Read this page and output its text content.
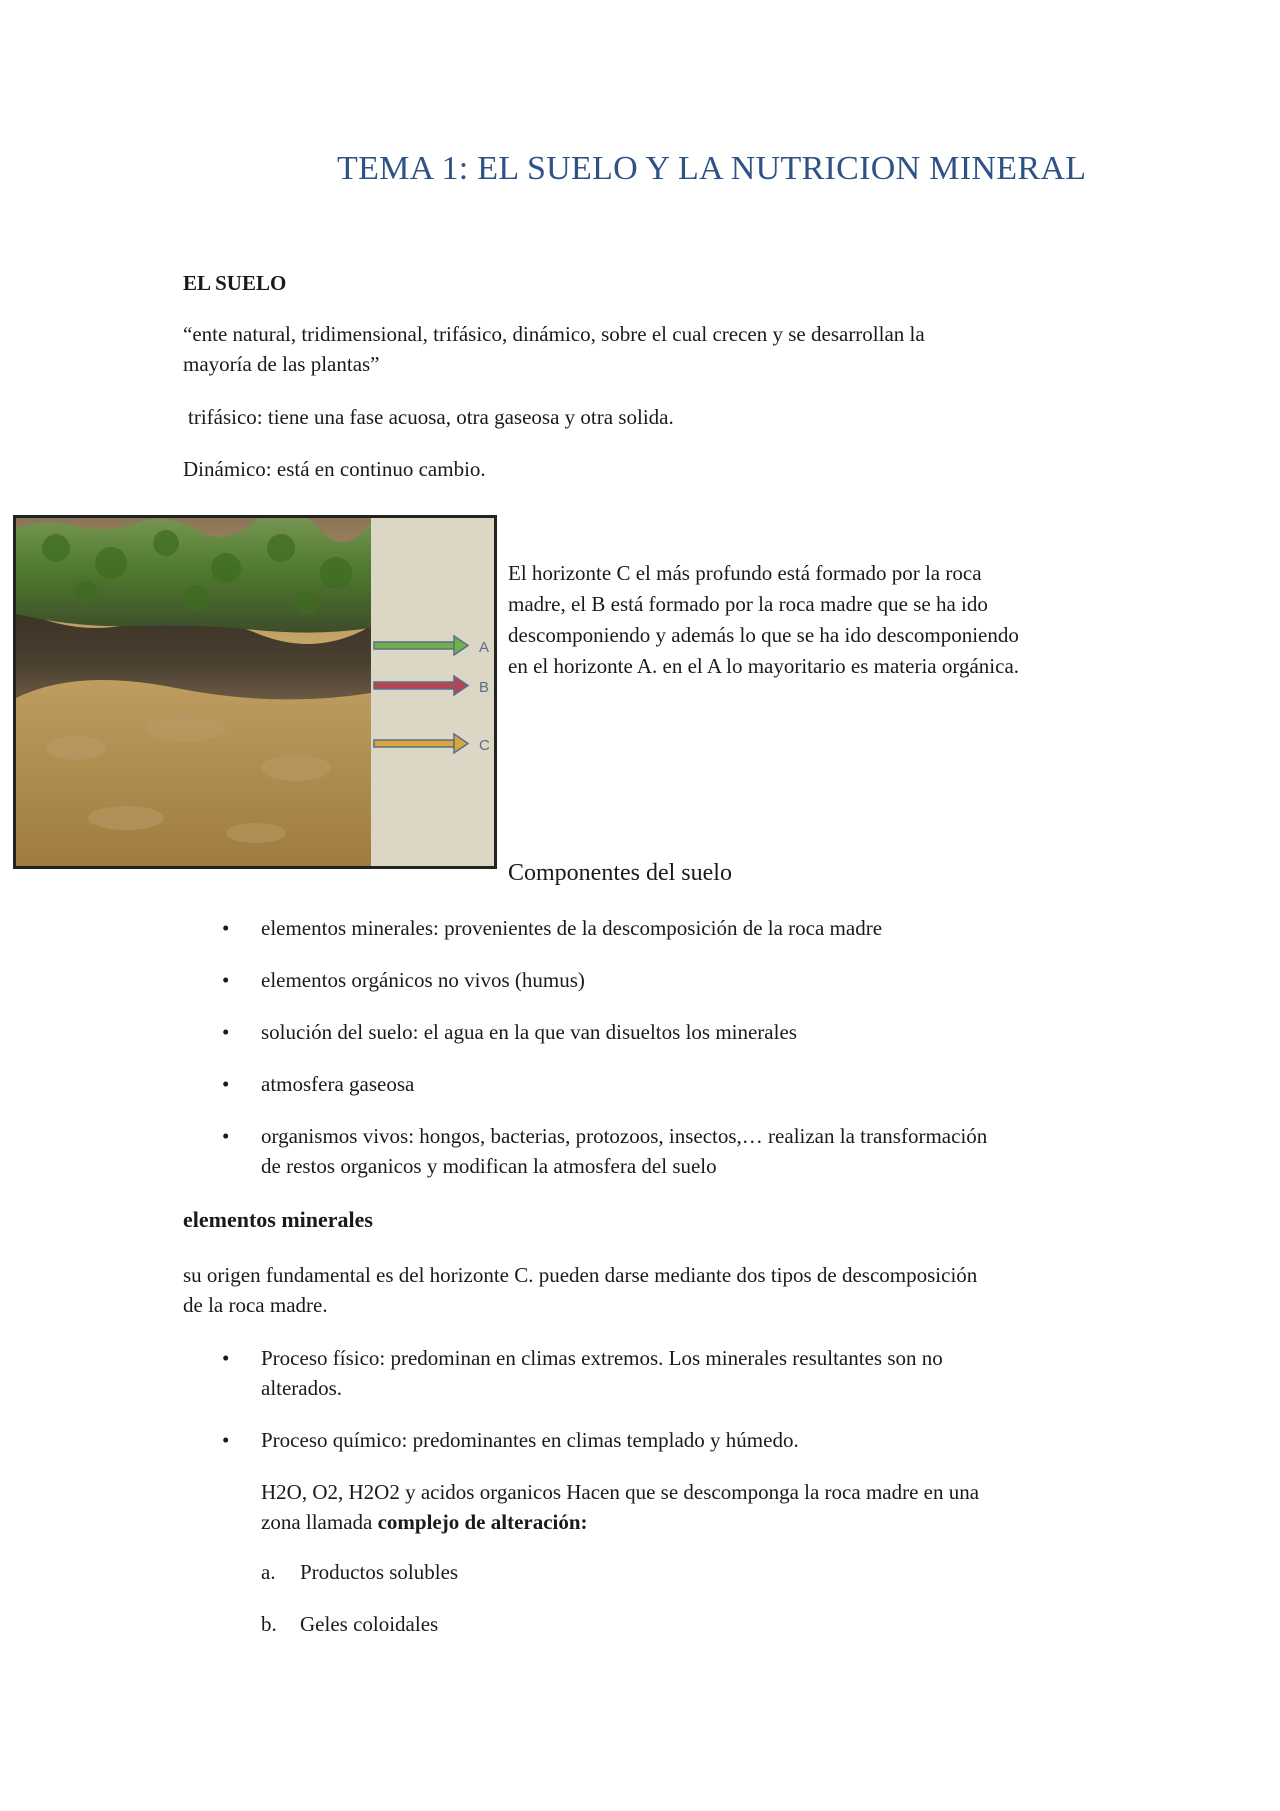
TEMA 1: EL SUELO Y LA NUTRICION MINERAL
EL SUELO
“ente natural, tridimensional, trifásico, dinámico, sobre el cual crecen y se desarrollan la
mayoría de las plantas”
trifásico: tiene una fase acuosa, otra gaseosa y otra solida.
Dinámico: está en continuo cambio.
A
B
C
El horizonte C el más profundo está formado por la roca
madre, el B está formado por la roca madre que se ha ido
descomponiendo y además lo que se ha ido descomponiendo
en el horizonte A. en el A lo mayoritario es materia orgánica.
Componentes del suelo
• elementos minerales: provenientes de la descomposición de la roca madre
• elementos orgánicos no vivos (humus)
• solución del suelo: el agua en la que van disueltos los minerales
• atmosfera gaseosa
• organismos vivos: hongos, bacterias, protozoos, insectos,… realizan la transformación
de restos organicos y modifican la atmosfera del suelo
elementos minerales
su origen fundamental es del horizonte C. pueden darse mediante dos tipos de descomposición
de la roca madre.
• Proceso físico: predominan en climas extremos. Los minerales resultantes son no
alterados.
• Proceso químico: predominantes en climas templado y húmedo.
H2O, O2, H2O2 y acidos organicos Hacen que se descomponga la roca madre en una
zona llamada complejo de alteración:
a. Productos solubles
b. Geles coloidales
